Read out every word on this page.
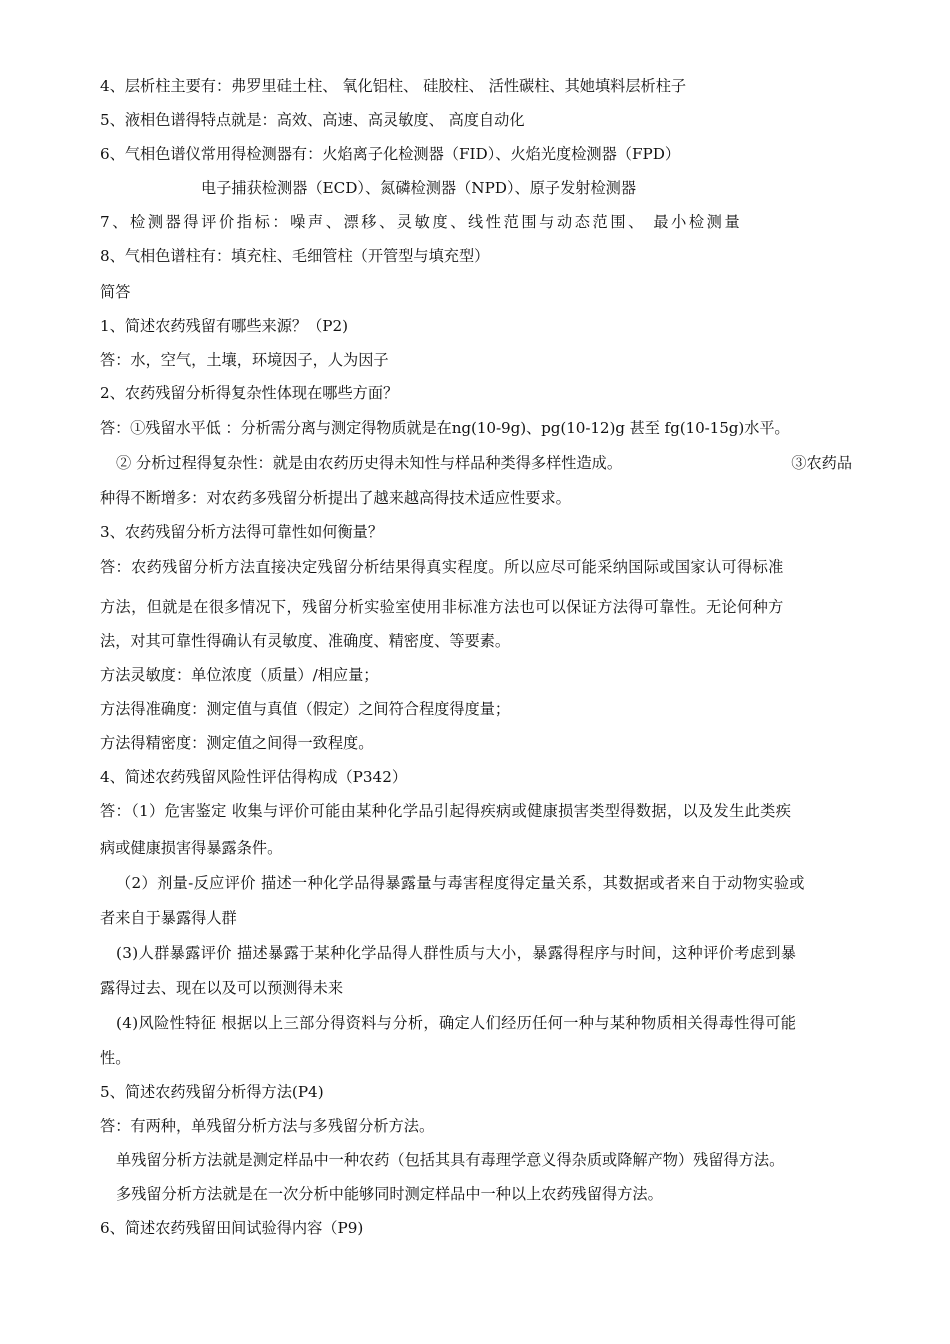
4、层析柱主要有：弗罗里硅土柱、 氧化铝柱、 硅胶柱、 活性碳柱、其她填料层析柱子
5、液相色谱得特点就是：高效、高速、高灵敏度、 高度自动化
6、气相色谱仪常用得检测器有：火焰离子化检测器（FID）、火焰光度检测器（FPD）
电子捕获检测器（ECD）、氮磷检测器（NPD）、原子发射检测器
7、检测器得评价指标：噪声、漂移、灵敏度、线性范围与动态范围、 最小检测量
8、气相色谱柱有：填充柱、毛细管柱（开管型与填充型）
简答
1、简述农药残留有哪些来源？（P2)
答：水，空气，土壤，环境因子，人为因子
2、农药残留分析得复杂性体现在哪些方面？
答：①残留水平低 ：分析需分离与测定得物质就是在ng(10-9g)、pg(10-12)g 甚至 fg(10-15g)水平。
② 分析过程得复杂性：就是由农药历史得未知性与样品种类得多样性造成。	③农药品
种得不断增多：对农药多残留分析提出了越来越高得技术适应性要求。
3、农药残留分析方法得可靠性如何衡量？
答：农药残留分析方法直接决定残留分析结果得真实程度。所以应尽可能采纳国际或国家认可得标准
方法，但就是在很多情况下，残留分析实验室使用非标准方法也可以保证方法得可靠性。无论何种方
法，对其可靠性得确认有灵敏度、准确度、精密度、等要素。
方法灵敏度：单位浓度（质量）/相应量；
方法得准确度：测定值与真值（假定）之间符合程度得度量；
方法得精密度：测定值之间得一致程度。
4、简述农药残留风险性评估得构成（P342）
答：（1）危害鉴定 收集与评价可能由某种化学品引起得疾病或健康损害类型得数据，以及发生此类疾
病或健康损害得暴露条件。
（2）剂量-反应评价 描述一种化学品得暴露量与毒害程度得定量关系，其数据或者来自于动物实验或
者来自于暴露得人群
(3)人群暴露评价 描述暴露于某种化学品得人群性质与大小，暴露得程序与时间，这种评价考虑到暴
露得过去、现在以及可以预测得未来
(4)风险性特征 根据以上三部分得资料与分析，确定人们经历任何一种与某种物质相关得毒性得可能
性。
5、简述农药残留分析得方法(P4)
答：有两种，单残留分析方法与多残留分析方法。
单残留分析方法就是测定样品中一种农药（包括其具有毒理学意义得杂质或降解产物）残留得方法。
多残留分析方法就是在一次分析中能够同时测定样品中一种以上农药残留得方法。
6、简述农药残留田间试验得内容（P9)
